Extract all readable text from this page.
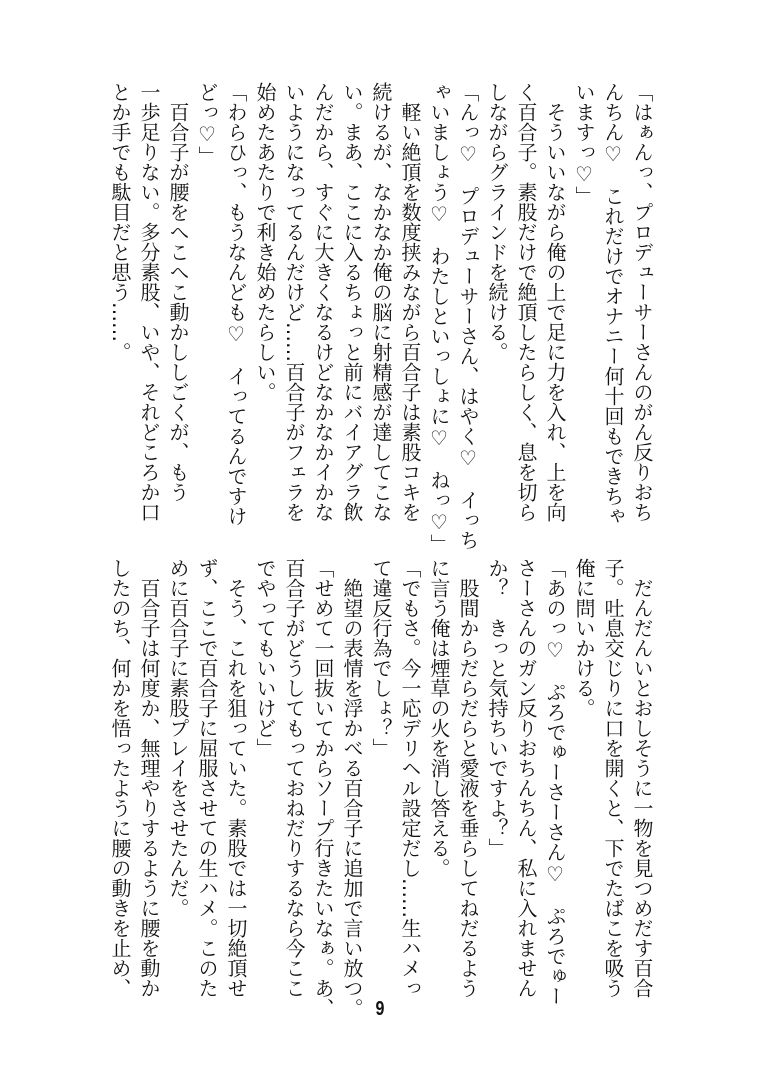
「はぁんっ、プロデューサーさんのがん反りおち
んちん♡　これだけでオナニー何十回もできちゃ
いますっ♡」
　そういいながら俺の上で足に力を入れ、上を向
く百合子。素股だけで絶頂したらしく、息を切ら
しながらグラインドを続ける。
「んっ♡　プロデューサーさん、はやく♡　イっち
ゃいましょう♡　わたしといっしょに♡　ねっ♡」
　軽い絶頂を数度挟みながら百合子は素股コキを
続けるが、なかなか俺の脳に射精感が達してこな
い。まあ、ここに入るちょっと前にバイアグラ飲
んだから、すぐに大きくなるけどなかなかイかな
いようになってるんだけど……百合子がフェラを
始めたあたりで利き始めたらしい。
「わらひっ、もうなんども♡　イってるんですけ
どっ♡」
　百合子が腰をへこへこ動かししごくが、もう
一歩足りない。多分素股、いや、それどころか口
とか手でも駄目だと思う……。
　だんだんいとおしそうに一物を見つめだす百合
子。吐息交じりに口を開くと、下でたばこを吸う
俺に問いかける。
「あのっ♡　ぷろでゅーさーさん♡　ぷろでゅー
さーさんのガン反りおちんちん、私に入れません
か？　きっと気持ちいですよ？」
　股間からだらだらと愛液を垂らしてねだるよう
に言う俺は煙草の火を消し答える。
「でもさ。今一応デリヘル設定だし……生ハメっ
て違反行為でしょ？」
　絶望の表情を浮かべる百合子に追加で言い放つ。
「せめて一回抜いてからソープ行きたいなぁ。あ、
百合子がどうしてもっておねだりするなら今ここ
でやってもいいけど」
　そう、これを狙っていた。素股では一切絶頂せ
ず、ここで百合子に屈服させての生ハメ。このた
めに百合子に素股プレイをさせたんだ。
　百合子は何度か、無理やりするように腰を動か
したのち、何かを悟ったように腰の動きを止め、
9
